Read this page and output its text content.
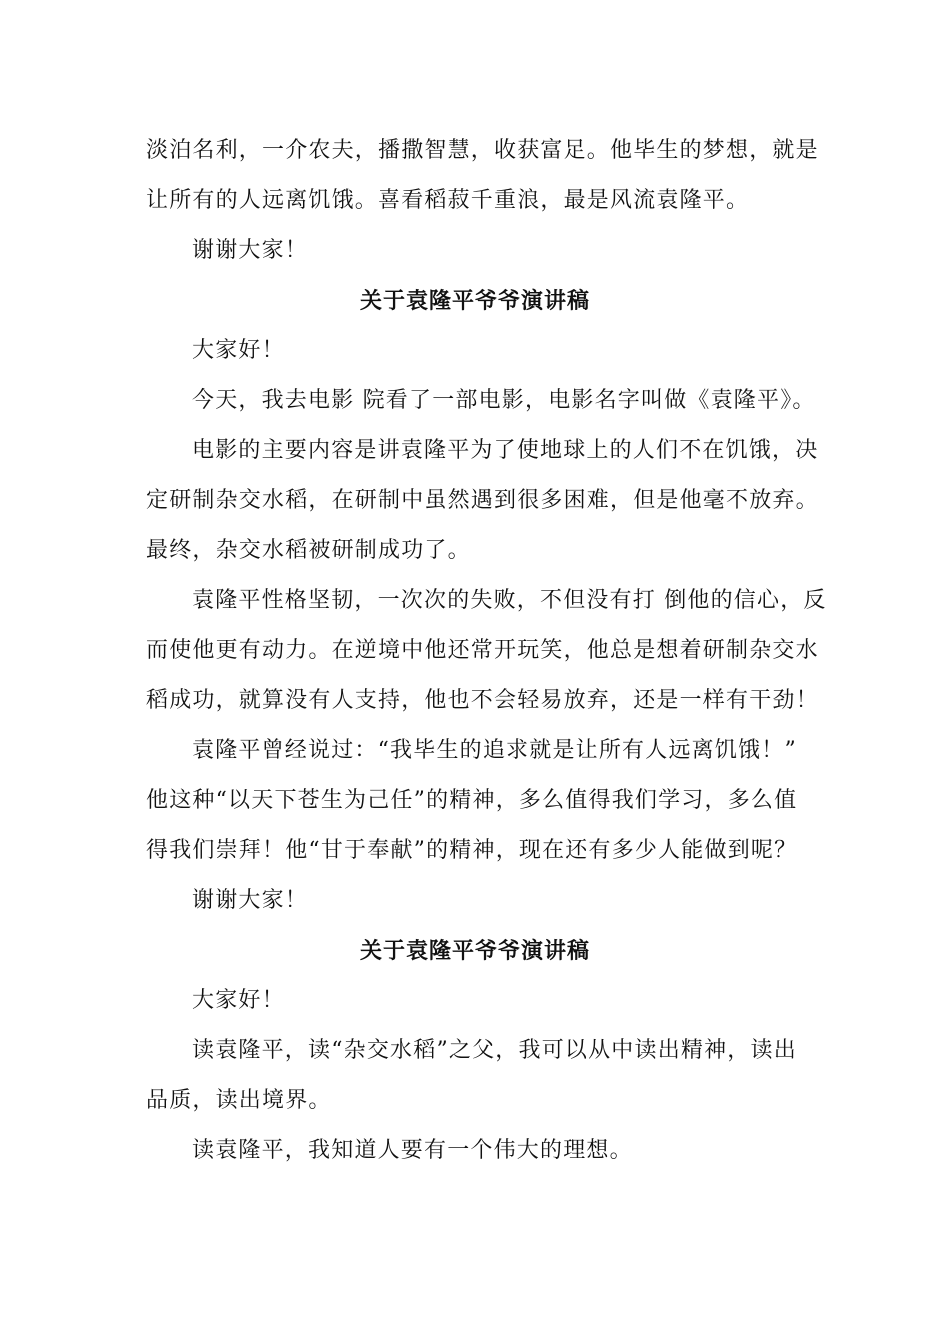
淡泊名利，一介农夫，播撒智慧，收获富足。他毕生的梦想，就是
让所有的人远离饥饿。喜看稻菽千重浪，最是风流袁隆平。
谢谢大家！
关于袁隆平爷爷演讲稿
大家好！
今天，我去电影 院看了一部电影，电影名字叫做《袁隆平》。
电影的主要内容是讲袁隆平为了使地球上的人们不在饥饿，决
定研制杂交水稻，在研制中虽然遇到很多困难，但是他毫不放弃。
最终，杂交水稻被研制成功了。
袁隆平性格坚韧，一次次的失败，不但没有打 倒他的信心，反
而使他更有动力。在逆境中他还常开玩笑，他总是想着研制杂交水
稻成功，就算没有人支持，他也不会轻易放弃，还是一样有干劲！
袁隆平曾经说过：“我毕生的追求就是让所有人远离饥饿！”
他这种“以天下苍生为己任”的精神，多么值得我们学习，多么值
得我们崇拜！他“甘于奉献”的精神，现在还有多少人能做到呢？
谢谢大家！
关于袁隆平爷爷演讲稿
大家好！
读袁隆平，读“杂交水稻”之父，我可以从中读出精神，读出
品质，读出境界。
读袁隆平，我知道人要有一个伟大的理想。
